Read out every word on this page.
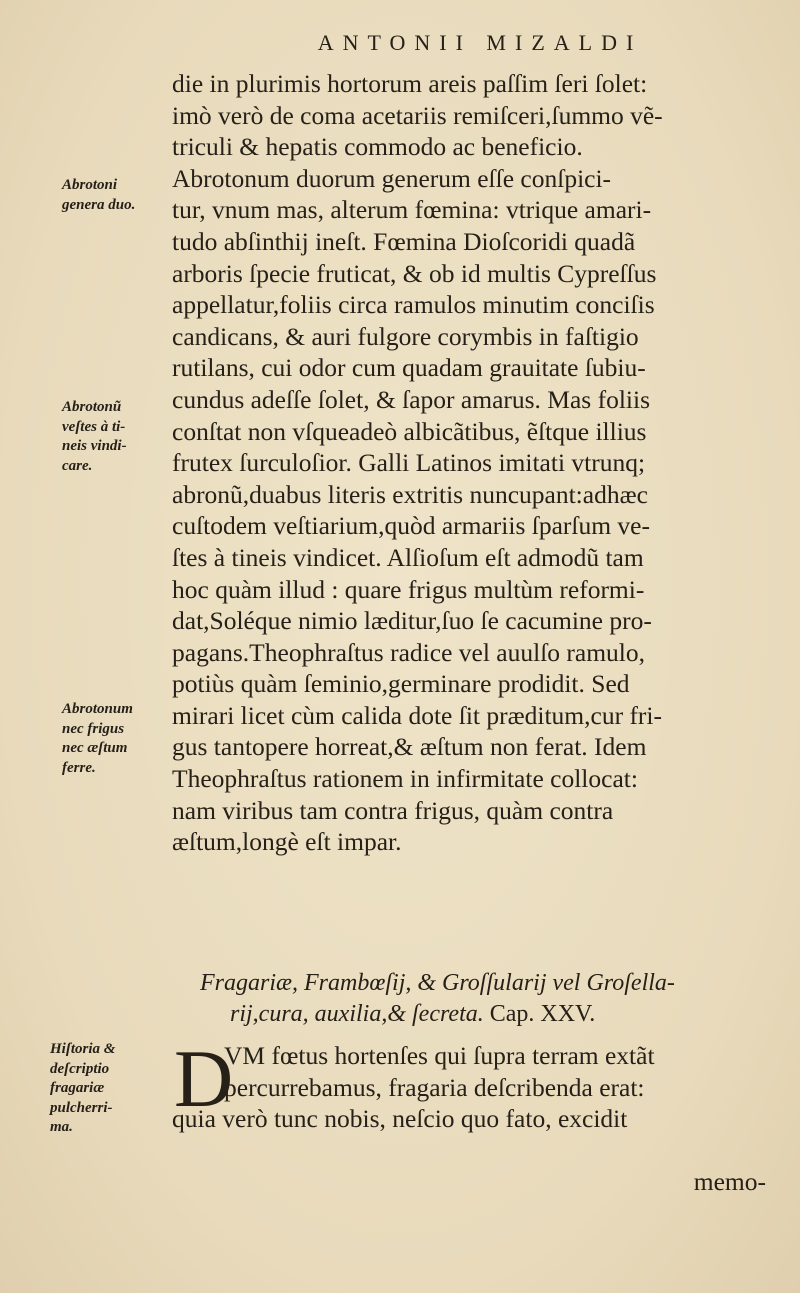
ANTONII MIZALDI
Abrotoni
genera duo.
Abrotonũ
veſtes à ti-
neis vindi-
care.
Abrotonum
nec frigus
nec æſtum
ferre.
die in plurimis hortorum areis paſſim ſeri ſolet:
imò verò de coma acetariis remiſceri,ſummo vẽ-
triculi & hepatis commodo ac beneficio.
Abrotonum duorum generum eſſe conſpici-
tur, vnum mas, alterum fœmina: vtrique amari-
tudo abſinthij ineſt. Fœmina Dioſcoridi quadã
arboris ſpecie fruticat, & ob id multis Cypreſſus
appellatur,foliis circa ramulos minutim conciſis
candicans, & auri fulgore corymbis in faſtigio
rutilans, cui odor cum quadam grauitate ſubiu-
cundus adeſſe ſolet, & ſapor amarus. Mas foliis
conſtat non vſqueadeò albicãtibus, ẽſtque illius
frutex ſurculoſior. Galli Latinos imitati vtrunq;
abronũ,duabus literis extritis nuncupant:adhæc
cuſtodem veſtiarium,quòd armariis ſparſum ve-
ſtes à tineis vindicet. Alſioſum eſt admodũ tam
hoc quàm illud : quare frigus multùm reformi-
dat,Soléque nimio læditur,ſuo ſe cacumine pro-
pagans.Theophraſtus radice vel auulſo ramulo,
potiùs quàm ſeminio,germinare prodidit. Sed
mirari licet cùm calida dote ſit præditum,cur fri-
gus tantopere horreat,& æſtum non ferat. Idem
Theophraſtus rationem in infirmitate collocat:
nam viribus tam contra frigus, quàm contra
æſtum,longè eſt impar.
Fragariæ, Frambœſij, & Groſſularij vel Groſella-
rij,cura, auxilia,& ſecreta. Cap. XXV.
Hiſtoria &
deſcriptio
fragariæ
pulcherri-
ma.
D
VM fœtus hortenſes qui ſupra terram extãt
percurrebamus, fragaria deſcribenda erat:
quia verò tunc nobis, neſcio quo fato, excidit
memo-
